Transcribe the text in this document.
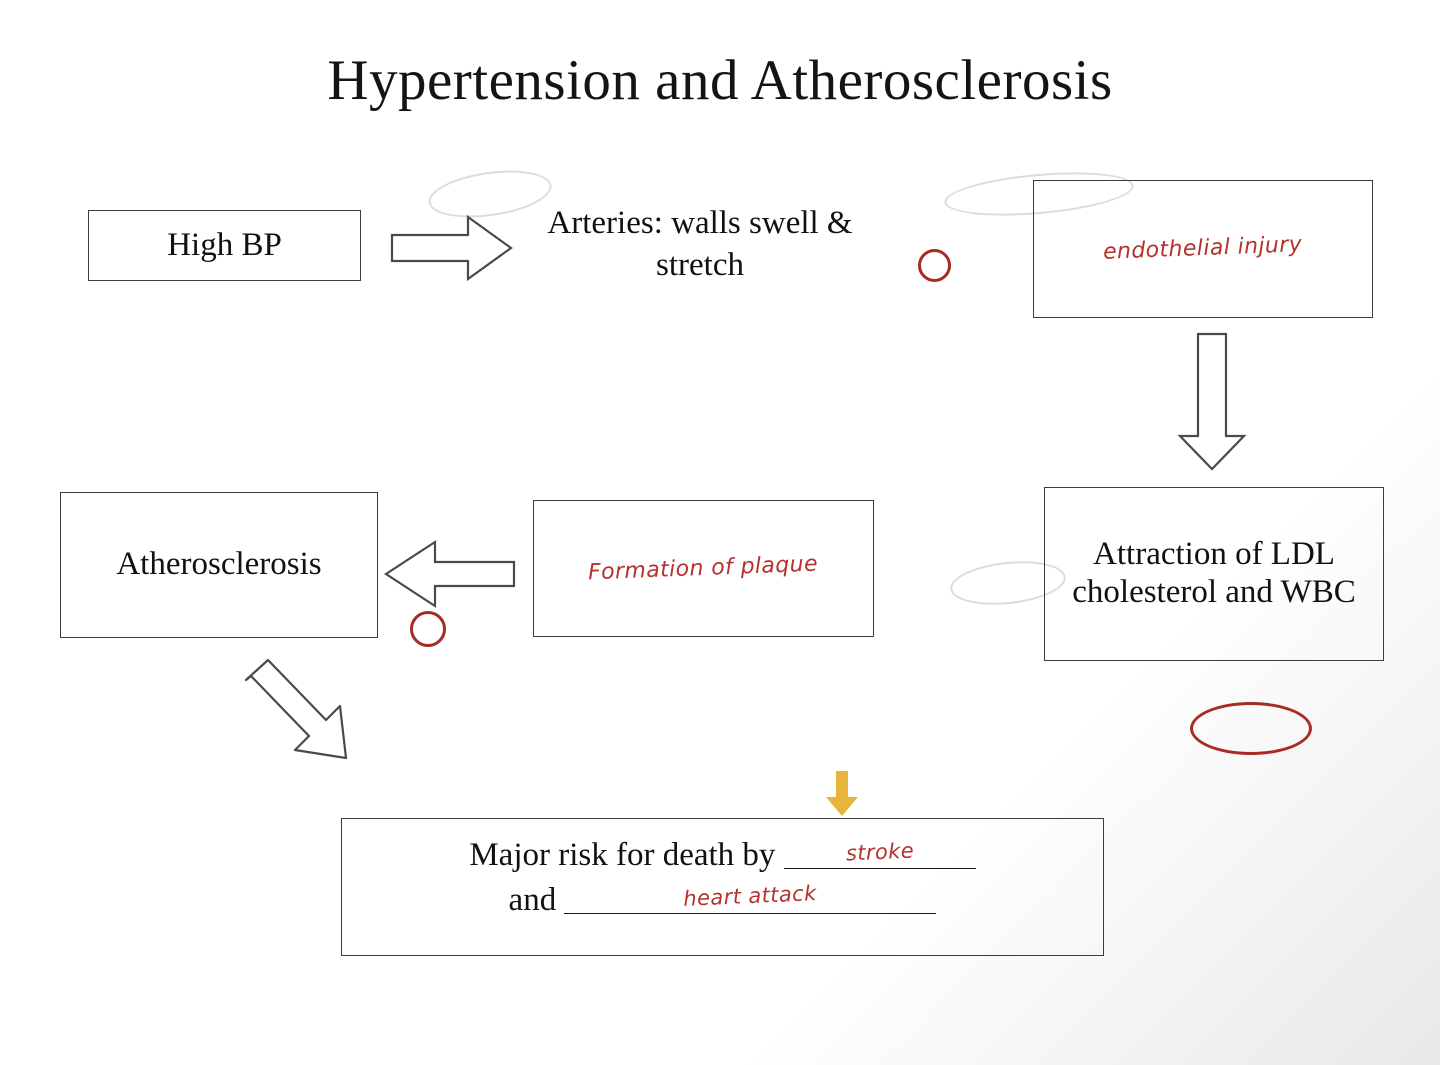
Hypertension and Atherosclerosis
High BP
Arteries: walls swell & stretch	endothelial injury
Attraction of LDL cholesterol and WBC
Formation of plaque
Atherosclerosis
Major risk for death by	stroke

and	heart attack
